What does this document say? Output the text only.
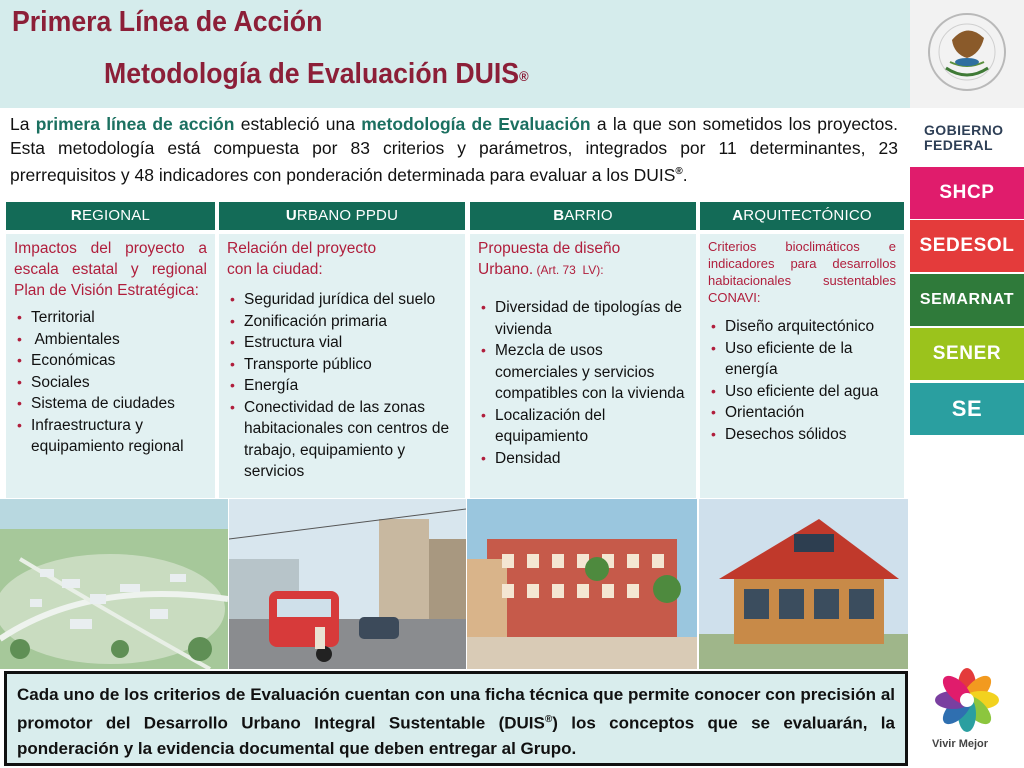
Primera Línea de Acción
Metodología de Evaluación DUIS®

La primera línea de acción estableció una metodología de Evaluación a la que son sometidos los proyectos. Esta metodología está compuesta por 83 criterios y parámetros, integrados por 11 determinantes, 23 prerrequisitos y 48 indicadores con ponderación determinada para evaluar a los DUIS®.

REGIONAL
Impactos del proyecto a escala estatal y regional Plan de Visión Estratégica:
• Territorial
•  Ambientales
• Económicas
• Sociales
• Sistema de ciudades
• Infraestructura y equipamiento regional
URBANO PPDU
Relación del proyecto
con la ciudad:
• Seguridad jurídica del suelo
• Zonificación primaria
• Estructura vial
• Transporte público
• Energía
• Conectividad de las zonas habitacionales con centros de trabajo, equipamiento y servicios
BARRIO
Propuesta de diseño
Urbano. (Art. 73  LV):
• Diversidad de tipologías de vivienda
• Mezcla de usos comerciales y servicios compatibles con la vivienda
• Localización del equipamiento
• Densidad
ARQUITECTÓNICO
Criterios bioclimáticos e indicadores para desarrollos habitacionales sustentables CONAVI:
• Diseño arquitectónico
• Uso eficiente de la energía
• Uso eficiente del agua
• Orientación
• Desechos sólidos
Cada uno de los criterios de Evaluación cuentan con una ficha técnica que permite conocer con precisión al promotor del Desarrollo Urbano Integral Sustentable (DUIS®) los conceptos que se evaluarán, la ponderación y la evidencia documental que deben entregar al Grupo.
GOBIERNO
FEDERAL
SHCP
SEDESOL
SEMARNAT
SENER
SE
Vivir Mejor
